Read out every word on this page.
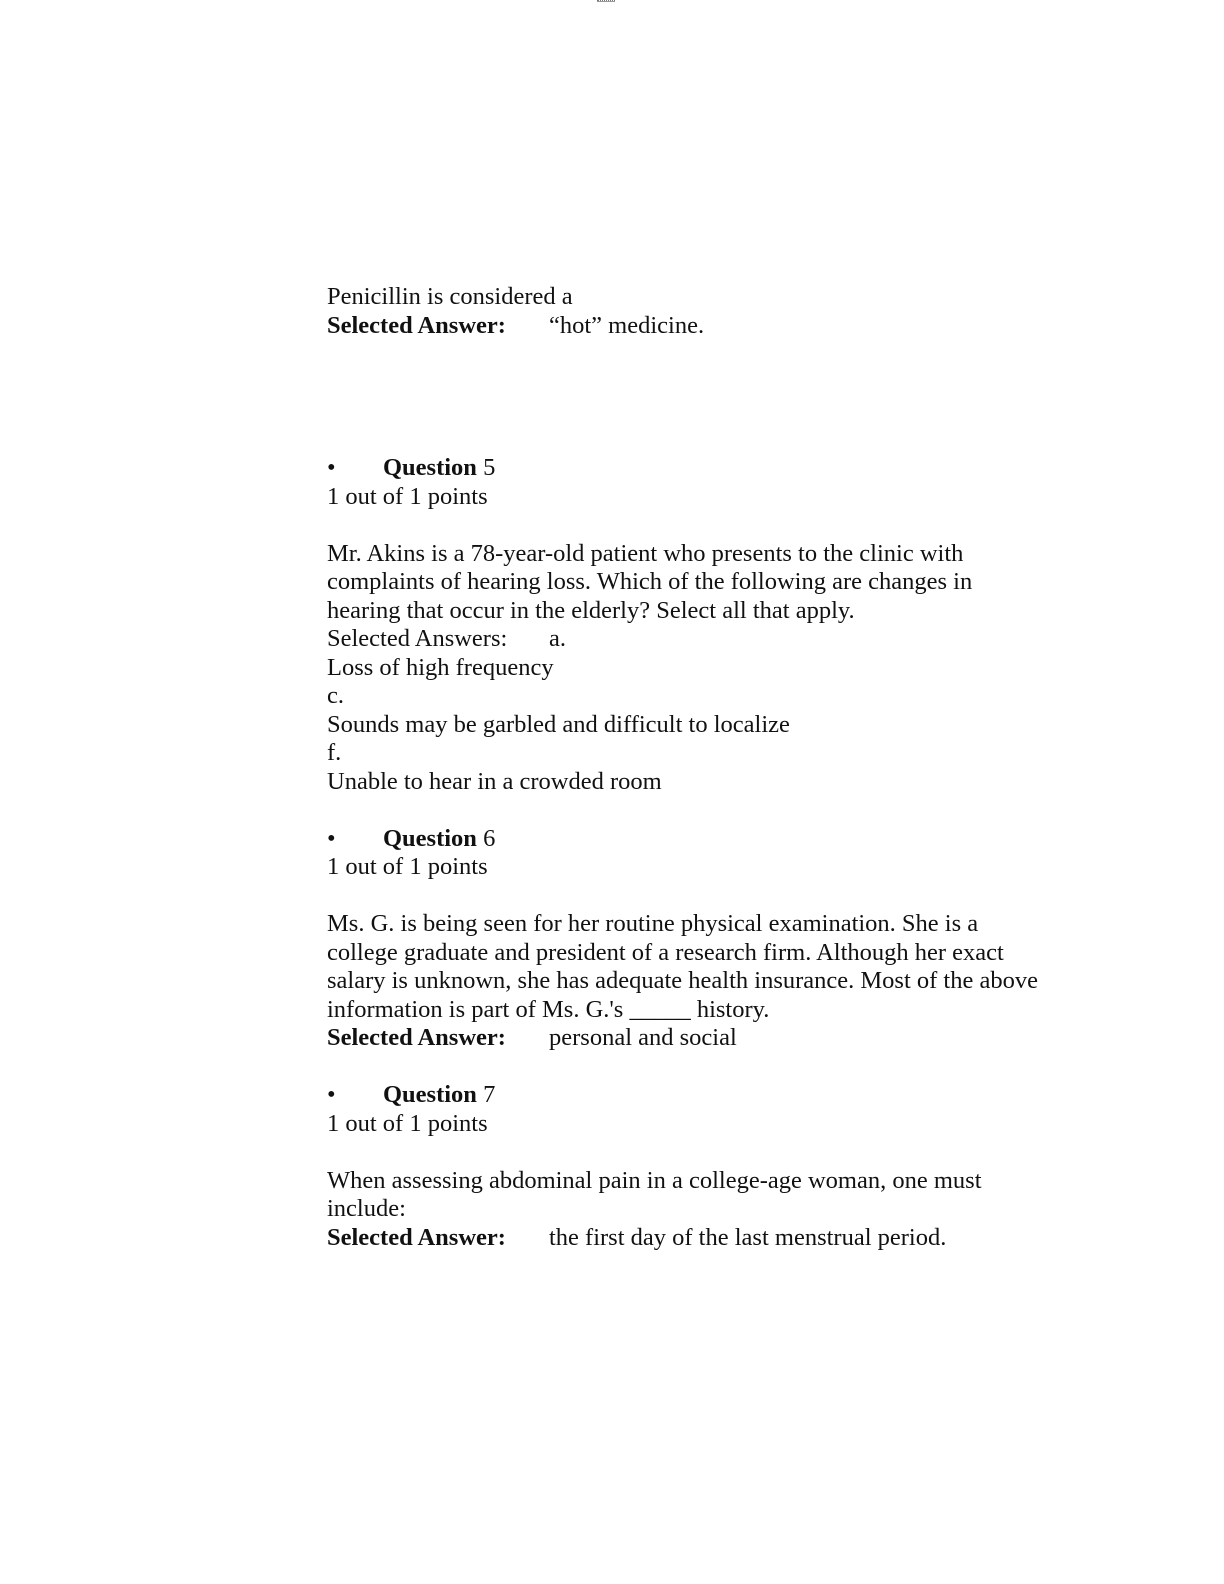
Penicillin is considered a
Selected Answer:	“hot” medicine.
•	Question
5
1 out of 1 points
Mr. Akins is a 78-year-old patient who presents to the clinic with
complaints of hearing loss. Which of the following are changes in
hearing that occur in the elderly? Select all that apply.
Selected Answers:	a.
Loss of high frequency
c.
Sounds may be garbled and difficult to localize
f.
Unable to hear in a crowded room
•	Question
6
1 out of 1 points
Ms. G. is being seen for her routine physical examination. She is a
college graduate and president of a research firm. Although her exact
salary is unknown, she has adequate health insurance. Most of the above
information is part of Ms. G.'s _____ history.
Selected Answer:	personal and social
•	Question
7
1 out of 1 points
When assessing abdominal pain in a college-age woman, one must
include:
Selected Answer:	the first day of the last menstrual period.
